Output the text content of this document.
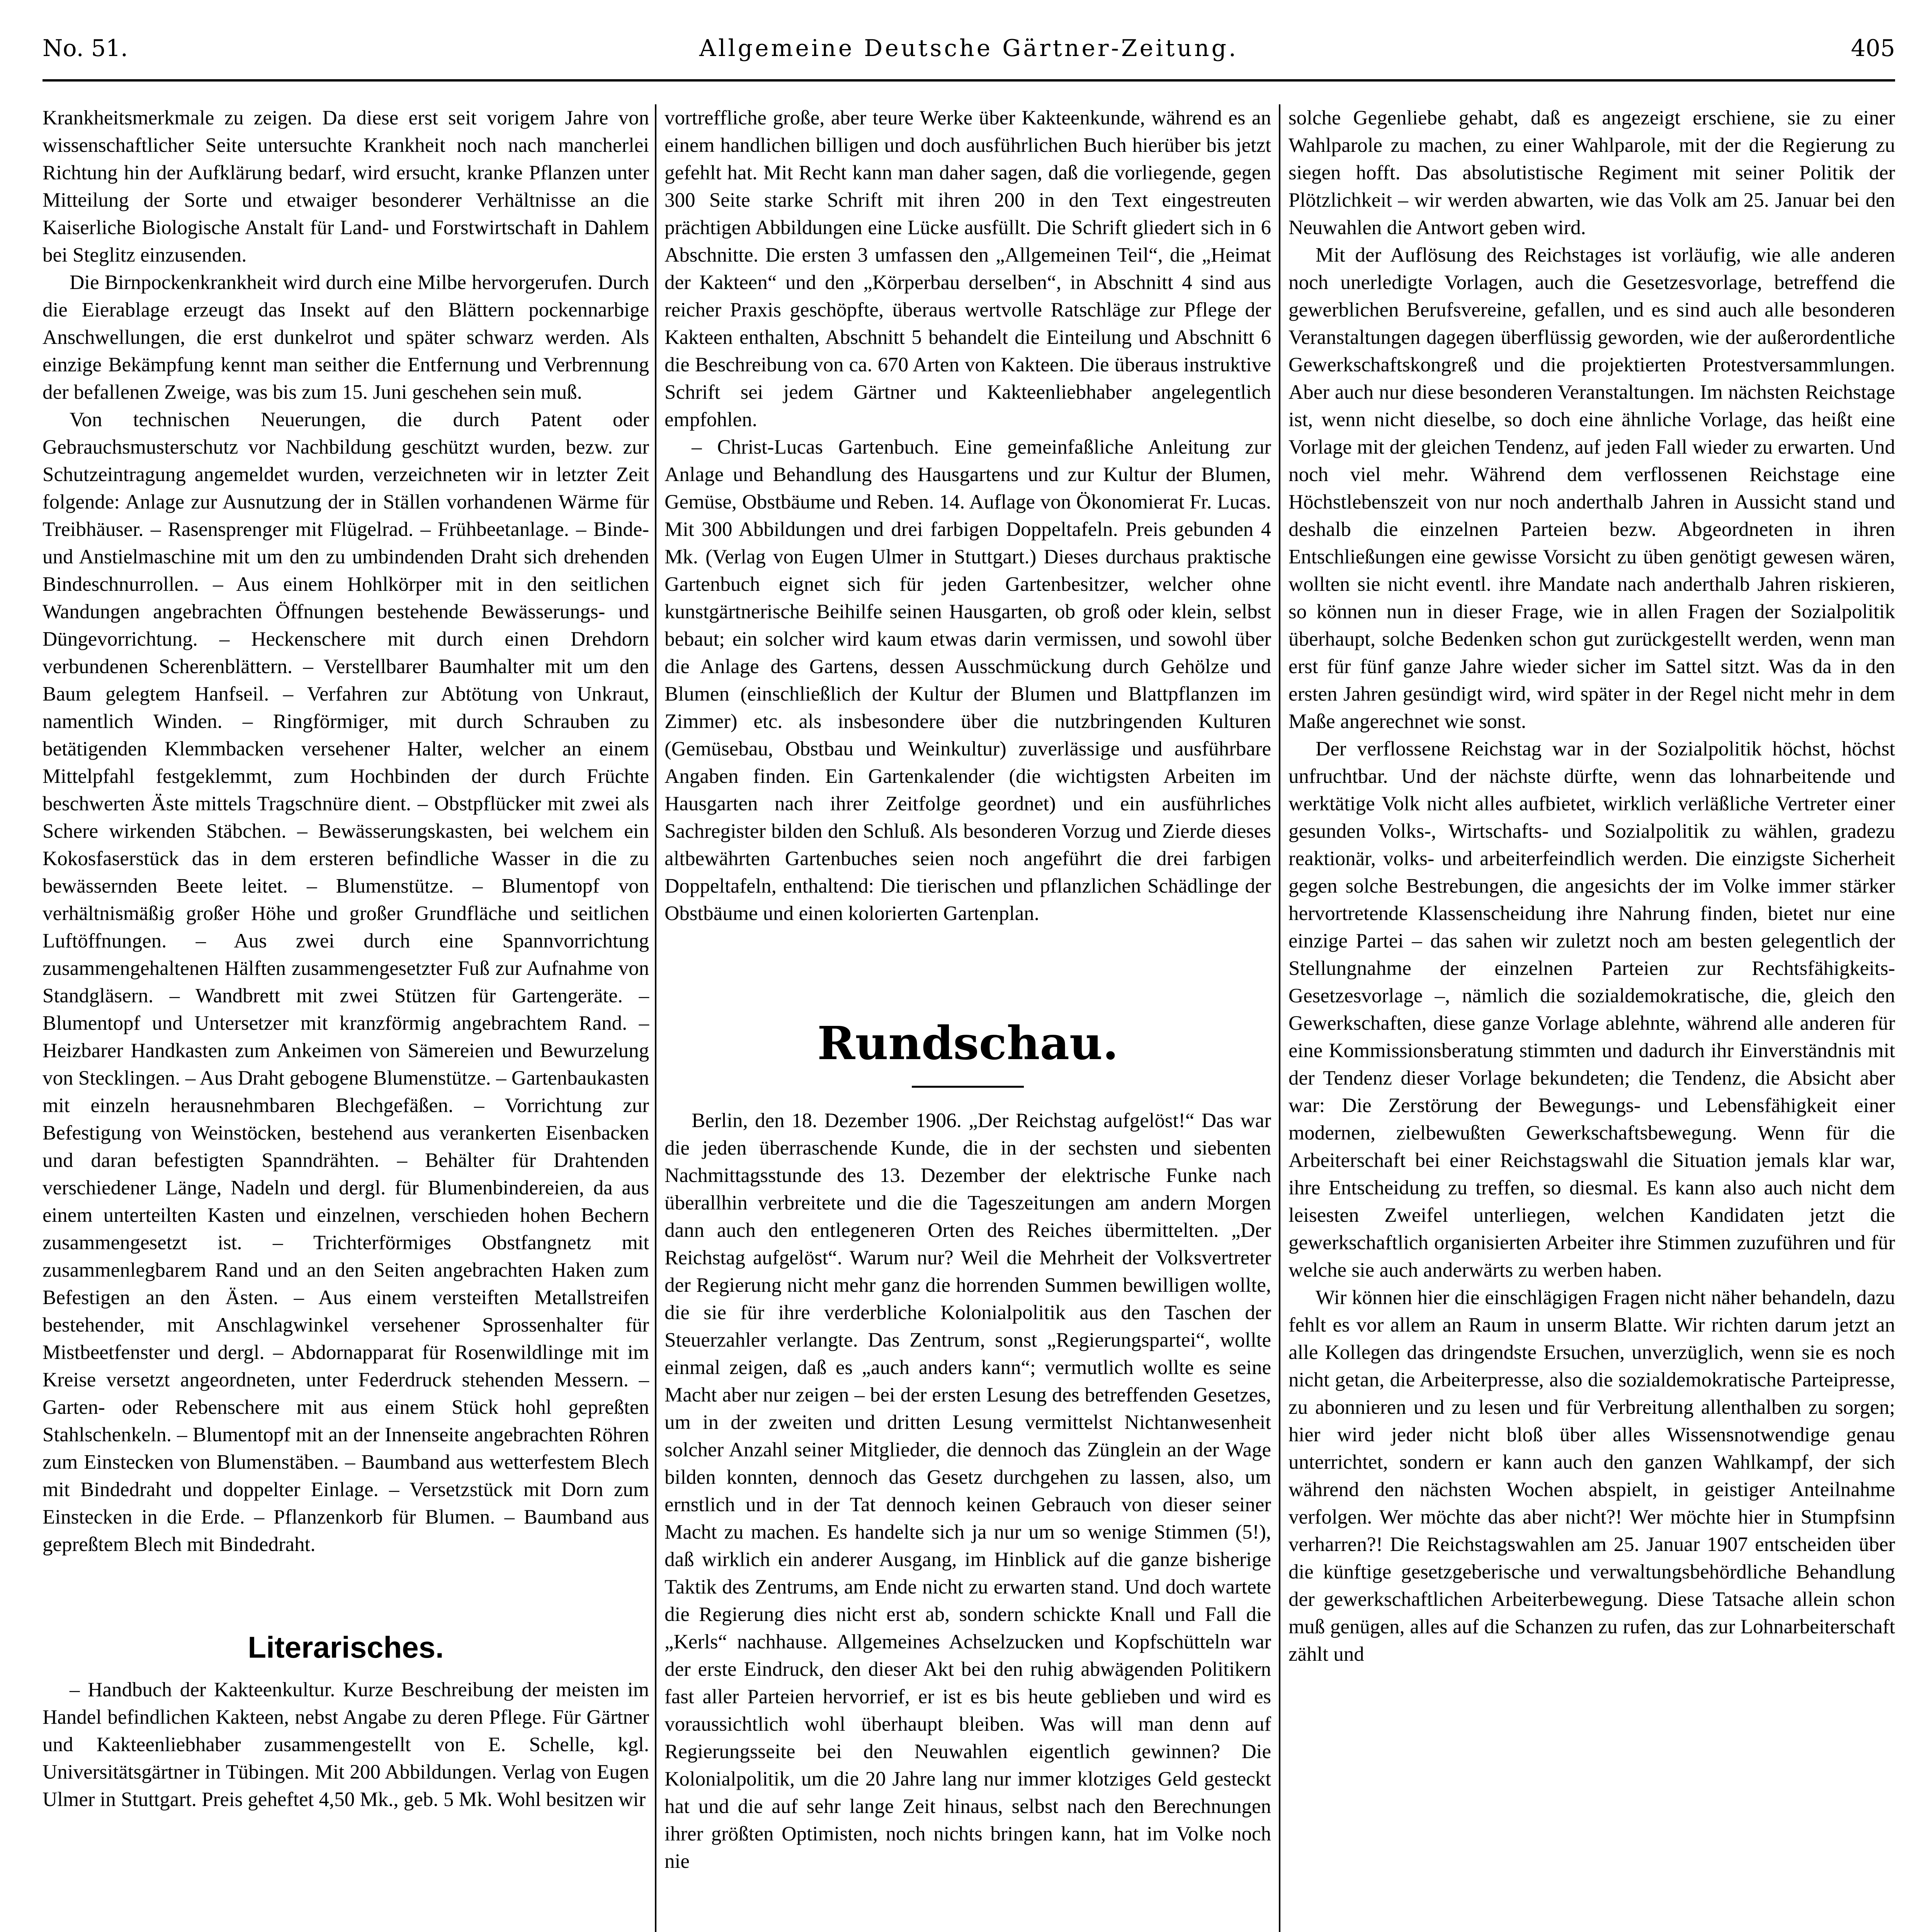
No. 51.	Allgemeine Deutsche Gärtner-Zeitung.	405

Krankheitsmerkmale zu zeigen. Da diese erst seit vorigem Jahre von wissenschaftlicher Seite untersuchte Krankheit noch nach mancherlei Richtung hin der Aufklärung bedarf, wird ersucht, kranke Pflanzen unter Mitteilung der Sorte und etwaiger besonderer Verhältnisse an die Kaiserliche Biologische Anstalt für Land- und Forstwirtschaft in Dahlem bei Steglitz einzusenden.

Die Birnpockenkrankheit wird durch eine Milbe hervorgerufen. Durch die Eierablage erzeugt das Insekt auf den Blättern pockennarbige Anschwellungen, die erst dunkelrot und später schwarz werden. Als einzige Bekämpfung kennt man seither die Entfernung und Verbrennung der befallenen Zweige, was bis zum 15. Juni geschehen sein muß.

Von technischen Neuerungen, die durch Patent oder Gebrauchsmusterschutz vor Nachbildung geschützt wurden, bezw. zur Schutzeintragung angemeldet wurden, verzeichneten wir in letzter Zeit folgende: Anlage zur Ausnutzung der in Ställen vorhandenen Wärme für Treibhäuser. – Rasensprenger mit Flügelrad. – Frühbeetanlage. – Binde- und Anstielmaschine mit um den zu umbindenden Draht sich drehenden Bindeschnurrollen. – Aus einem Hohlkörper mit in den seitlichen Wandungen angebrachten Öffnungen bestehende Bewässerungs- und Düngevorrichtung. – Heckenschere mit durch einen Drehdorn verbundenen Scherenblättern. – Verstellbarer Baumhalter mit um den Baum gelegtem Hanfseil. – Verfahren zur Abtötung von Unkraut, namentlich Winden. – Ringförmiger, mit durch Schrauben zu betätigenden Klemmbacken versehener Halter, welcher an einem Mittelpfahl festgeklemmt, zum Hochbinden der durch Früchte beschwerten Äste mittels Tragschnüre dient. – Obstpflücker mit zwei als Schere wirkenden Stäbchen. – Bewässerungskasten, bei welchem ein Kokosfaserstück das in dem ersteren befindliche Wasser in die zu bewässernden Beete leitet. – Blumenstütze. – Blumentopf von verhältnismäßig großer Höhe und großer Grundfläche und seitlichen Luftöffnungen. – Aus zwei durch eine Spannvorrichtung zusammengehaltenen Hälften zusammengesetzter Fuß zur Aufnahme von Standgläsern. – Wandbrett mit zwei Stützen für Gartengeräte. – Blumentopf und Untersetzer mit kranzförmig angebrachtem Rand. – Heizbarer Handkasten zum Ankeimen von Sämereien und Bewurzelung von Stecklingen. – Aus Draht gebogene Blumenstütze. – Gartenbaukasten mit einzeln herausnehmbaren Blechgefäßen. – Vorrichtung zur Befestigung von Weinstöcken, bestehend aus verankerten Eisenbacken und daran befestigten Spanndrähten. – Behälter für Drahtenden verschiedener Länge, Nadeln und dergl. für Blumenbindereien, da aus einem unterteilten Kasten und einzelnen, verschieden hohen Bechern zusammengesetzt ist. – Trichterförmiges Obstfangnetz mit zusammenlegbarem Rand und an den Seiten angebrachten Haken zum Befestigen an den Ästen. – Aus einem versteiften Metallstreifen bestehender, mit Anschlagwinkel versehener Sprossenhalter für Mistbeetfenster und dergl. – Abdornapparat für Rosenwildlinge mit im Kreise versetzt angeordneten, unter Federdruck stehenden Messern. – Garten- oder Rebenschere mit aus einem Stück hohl gepreßten Stahlschenkeln. – Blumentopf mit an der Innenseite angebrachten Röhren zum Einstecken von Blumenstäben. – Baumband aus wetterfestem Blech mit Bindedraht und doppelter Einlage. – Versetzstück mit Dorn zum Einstecken in die Erde. – Pflanzenkorb für Blumen. – Baumband aus gepreßtem Blech mit Bindedraht.

Literarisches.

– Handbuch der Kakteenkultur. Kurze Beschreibung der meisten im Handel befindlichen Kakteen, nebst Angabe zu deren Pflege. Für Gärtner und Kakteenliebhaber zusammengestellt von E. Schelle, kgl. Universitätsgärtner in Tübingen. Mit 200 Abbildungen. Verlag von Eugen Ulmer in Stuttgart. Preis geheftet 4,50 Mk., geb. 5 Mk. Wohl besitzen wir

vortreffliche große, aber teure Werke über Kakteenkunde, während es an einem handlichen billigen und doch ausführlichen Buch hierüber bis jetzt gefehlt hat. Mit Recht kann man daher sagen, daß die vorliegende, gegen 300 Seite starke Schrift mit ihren 200 in den Text eingestreuten prächtigen Abbildungen eine Lücke ausfüllt. Die Schrift gliedert sich in 6 Abschnitte. Die ersten 3 umfassen den „Allgemeinen Teil“, die „Heimat der Kakteen“ und den „Körperbau derselben“, in Abschnitt 4 sind aus reicher Praxis geschöpfte, überaus wertvolle Ratschläge zur Pflege der Kakteen enthalten, Abschnitt 5 behandelt die Einteilung und Abschnitt 6 die Beschreibung von ca. 670 Arten von Kakteen. Die überaus instruktive Schrift sei jedem Gärtner und Kakteenliebhaber angelegentlich empfohlen.

– Christ-Lucas Gartenbuch. Eine gemeinfaßliche Anleitung zur Anlage und Behandlung des Hausgartens und zur Kultur der Blumen, Gemüse, Obstbäume und Reben. 14. Auflage von Ökonomierat Fr. Lucas. Mit 300 Abbildungen und drei farbigen Doppeltafeln. Preis gebunden 4 Mk. (Verlag von Eugen Ulmer in Stuttgart.) Dieses durchaus praktische Gartenbuch eignet sich für jeden Gartenbesitzer, welcher ohne kunstgärtnerische Beihilfe seinen Hausgarten, ob groß oder klein, selbst bebaut; ein solcher wird kaum etwas darin vermissen, und sowohl über die Anlage des Gartens, dessen Ausschmückung durch Gehölze und Blumen (einschließlich der Kultur der Blumen und Blattpflanzen im Zimmer) etc. als insbesondere über die nutzbringenden Kulturen (Gemüsebau, Obstbau und Weinkultur) zuverlässige und ausführbare Angaben finden. Ein Gartenkalender (die wichtigsten Arbeiten im Hausgarten nach ihrer Zeitfolge geordnet) und ein ausführliches Sachregister bilden den Schluß. Als besonderen Vorzug und Zierde dieses altbewährten Gartenbuches seien noch angeführt die drei farbigen Doppeltafeln, enthaltend: Die tierischen und pflanzlichen Schädlinge der Obstbäume und einen kolorierten Gartenplan.

Rundschau.

Berlin, den 18. Dezember 1906. „Der Reichstag aufgelöst!“ Das war die jeden überraschende Kunde, die in der sechsten und siebenten Nachmittagsstunde des 13. Dezember der elektrische Funke nach überallhin verbreitete und die die Tageszeitungen am andern Morgen dann auch den entlegeneren Orten des Reiches übermittelten. „Der Reichstag aufgelöst“. Warum nur? Weil die Mehrheit der Volksvertreter der Regierung nicht mehr ganz die horrenden Summen bewilligen wollte, die sie für ihre verderbliche Kolonialpolitik aus den Taschen der Steuerzahler verlangte. Das Zentrum, sonst „Regierungspartei“, wollte einmal zeigen, daß es „auch anders kann“; vermutlich wollte es seine Macht aber nur zeigen – bei der ersten Lesung des betreffenden Gesetzes, um in der zweiten und dritten Lesung vermittelst Nichtanwesenheit solcher Anzahl seiner Mitglieder, die dennoch das Zünglein an der Wage bilden konnten, dennoch das Gesetz durchgehen zu lassen, also, um ernstlich und in der Tat dennoch keinen Gebrauch von dieser seiner Macht zu machen. Es handelte sich ja nur um so wenige Stimmen (5!), daß wirklich ein anderer Ausgang, im Hinblick auf die ganze bisherige Taktik des Zentrums, am Ende nicht zu erwarten stand. Und doch wartete die Regierung dies nicht erst ab, sondern schickte Knall und Fall die „Kerls“ nachhause. Allgemeines Achselzucken und Kopfschütteln war der erste Eindruck, den dieser Akt bei den ruhig abwägenden Politikern fast aller Parteien hervorrief, er ist es bis heute geblieben und wird es voraussichtlich wohl überhaupt bleiben. Was will man denn auf Regierungsseite bei den Neuwahlen eigentlich gewinnen? Die Kolonialpolitik, um die 20 Jahre lang nur immer klotziges Geld gesteckt hat und die auf sehr lange Zeit hinaus, selbst nach den Berechnungen ihrer größten Optimisten, noch nichts bringen kann, hat im Volke noch nie

solche Gegenliebe gehabt, daß es angezeigt erschiene, sie zu einer Wahlparole zu machen, zu einer Wahlparole, mit der die Regierung zu siegen hofft. Das absolutistische Regiment mit seiner Politik der Plötzlichkeit – wir werden abwarten, wie das Volk am 25. Januar bei den Neuwahlen die Antwort geben wird.

Mit der Auflösung des Reichstages ist vorläufig, wie alle anderen noch unerledigte Vorlagen, auch die Gesetzesvorlage, betreffend die gewerblichen Berufsvereine, gefallen, und es sind auch alle besonderen Veranstaltungen dagegen überflüssig geworden, wie der außerordentliche Gewerkschaftskongreß und die projektierten Protestversammlungen. Aber auch nur diese besonderen Veranstaltungen. Im nächsten Reichstage ist, wenn nicht dieselbe, so doch eine ähnliche Vorlage, das heißt eine Vorlage mit der gleichen Tendenz, auf jeden Fall wieder zu erwarten. Und noch viel mehr. Während dem verflossenen Reichstage eine Höchstlebenszeit von nur noch anderthalb Jahren in Aussicht stand und deshalb die einzelnen Parteien bezw. Abgeordneten in ihren Entschließungen eine gewisse Vorsicht zu üben genötigt gewesen wären, wollten sie nicht eventl. ihre Mandate nach anderthalb Jahren riskieren, so können nun in dieser Frage, wie in allen Fragen der Sozialpolitik überhaupt, solche Bedenken schon gut zurückgestellt werden, wenn man erst für fünf ganze Jahre wieder sicher im Sattel sitzt. Was da in den ersten Jahren gesündigt wird, wird später in der Regel nicht mehr in dem Maße angerechnet wie sonst.

Der verflossene Reichstag war in der Sozialpolitik höchst, höchst unfruchtbar. Und der nächste dürfte, wenn das lohnarbeitende und werktätige Volk nicht alles aufbietet, wirklich verläßliche Vertreter einer gesunden Volks-, Wirtschafts- und Sozialpolitik zu wählen, gradezu reaktionär, volks- und arbeiterfeindlich werden. Die einzigste Sicherheit gegen solche Bestrebungen, die angesichts der im Volke immer stärker hervortretende Klassenscheidung ihre Nahrung finden, bietet nur eine einzige Partei – das sahen wir zuletzt noch am besten gelegentlich der Stellungnahme der einzelnen Parteien zur Rechtsfähigkeits-Gesetzesvorlage –, nämlich die sozialdemokratische, die, gleich den Gewerkschaften, diese ganze Vorlage ablehnte, während alle anderen für eine Kommissionsberatung stimmten und dadurch ihr Einverständnis mit der Tendenz dieser Vorlage bekundeten; die Tendenz, die Absicht aber war: Die Zerstörung der Bewegungs- und Lebensfähigkeit einer modernen, zielbewußten Gewerkschaftsbewegung. Wenn für die Arbeiterschaft bei einer Reichstagswahl die Situation jemals klar war, ihre Entscheidung zu treffen, so diesmal. Es kann also auch nicht dem leisesten Zweifel unterliegen, welchen Kandidaten jetzt die gewerkschaftlich organisierten Arbeiter ihre Stimmen zuzuführen und für welche sie auch anderwärts zu werben haben.

Wir können hier die einschlägigen Fragen nicht näher behandeln, dazu fehlt es vor allem an Raum in unserm Blatte. Wir richten darum jetzt an alle Kollegen das dringendste Ersuchen, unverzüglich, wenn sie es noch nicht getan, die Arbeiterpresse, also die sozialdemokratische Parteipresse, zu abonnieren und zu lesen und für Verbreitung allenthalben zu sorgen; hier wird jeder nicht bloß über alles Wissensnotwendige genau unterrichtet, sondern er kann auch den ganzen Wahlkampf, der sich während den nächsten Wochen abspielt, in geistiger Anteilnahme verfolgen. Wer möchte das aber nicht?! Wer möchte hier in Stumpfsinn verharren?! Die Reichstagswahlen am 25. Januar 1907 entscheiden über die künftige gesetzgeberische und verwaltungsbehördliche Behandlung der gewerkschaftlichen Arbeiterbewegung. Diese Tatsache allein schon muß genügen, alles auf die Schanzen zu rufen, das zur Lohnarbeiterschaft zählt und
